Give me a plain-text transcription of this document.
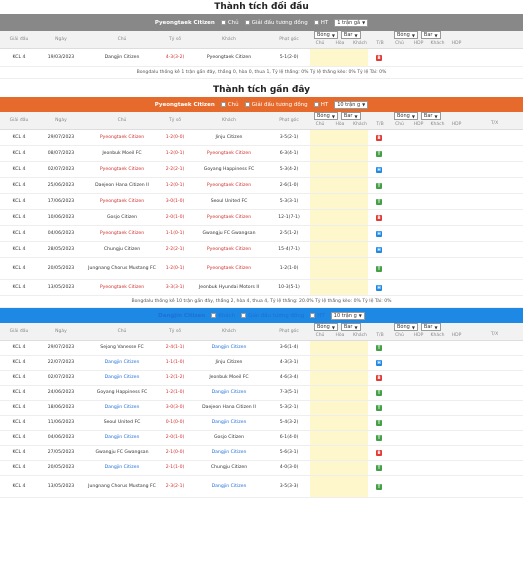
Thành tích đối đầu
Pyeongtaek Citizen Chủ Giải đấu tương đồng HT 1 trận gầ ▼
Giải đấu	Ngày	Chủ	Tỷ số	Khách	Phạt góc
Bóng ▼ Bar ▼
Chủ	Hòa	Khách	T/B
Bóng ▼ Bar ▼
Chủ	HDP	Khách	HDP
KCL 4	19/03/2023	Dangjin Citizen	4-3(3-2)	Pyeongtaek Citizen	5-1(2-0)	B
Bongdalu thống kê 1 trận gần đây, thắng 0, hòa 0, thua 1, Tỷ lệ thắng: 0% Tỷ lệ thắng kèo: 0% Tỷ lệ Tài: 0%
Thành tích gần đây
Pyeongtaek Citizen Chủ Giải đấu tương đồng HT 10 trận g ▼
Giải đấu	Ngày	Chủ	Tỷ số	Khách	Phạt góc
Bóng ▼ Bar ▼
Chủ	Hòa	Khách	T/B
Bóng ▼ Bar ▼
Chủ	HDP	Khách	HDP	T/X
KCL 4	29/07/2023	Pyeongtaek Citizen	1-2(0-0)	Jinju Citizen	3-5(2-1)	B
KCL 4	08/07/2023	Jeonbuk Moeil FC	1-2(0-1)	Pyeongtaek Citizen	6-3(4-1)	T
KCL 4	02/07/2023	Pyeongtaek Citizen	2-2(2-1)	Goyang Happiness FC	5-3(4-2)	H
KCL 4	25/06/2023	Daejeon Hana Citizen II	1-2(0-1)	Pyeongtaek Citizen	2-6(1-0)	T
KCL 4	17/06/2023	Pyeongtaek Citizen	3-0(1-0)	Seoul United FC	5-3(3-1)	T
KCL 4	10/06/2023	Gosjo Citizen	2-0(1-0)	Pyeongtaek Citizen	12-1(7-1)	B
KCL 4	04/06/2023	Pyeongtaek Citizen	1-1(0-1)	Gwangju FC Gwangsan	2-5(1-2)	H
KCL 4	28/05/2023	Chungju Citizen	2-2(2-1)	Pyeongtaek Citizen	15-4(7-1)	H
KCL 4	20/05/2023	Jungnang Chorus Mustang FC	1-2(0-1)	Pyeongtaek Citizen	1-2(1-0)	T
KCL 4	13/05/2023	Pyeongtaek Citizen	3-3(3-1)	Jeonbuk Hyundai Motors II	10-3(5-1)	H
Bongdalu thống kê 10 trận gần đây, thắng 2, hòa 4, thua 4, Tỷ lệ thắng: 20.0% Tỷ lệ thắng kèo: 0% Tỷ lệ Tài: 0%
Dangjin Citizen Khách Giải đấu tương đồng HT 10 trận g ▼
Giải đấu	Ngày	Chủ	Tỷ số	Khách	Phạt góc
Bóng ▼ Bar ▼
Chủ	Hòa	Khách	T/B
Bóng ▼ Bar ▼
Chủ	HDP	Khách	HDP	T/X
KCL 4	29/07/2023	Sejong Vanesse FC	2-4(1-1)	Dangjin Citizen	3-6(1-4)	T
KCL 4	22/07/2023	Dangjin Citizen	1-1(1-0)	Jinju Citizen	4-3(3-1)	H
KCL 4	02/07/2023	Dangjin Citizen	1-2(1-2)	Jeonbuk Moeil FC	4-6(3-4)	B
KCL 4	24/06/2023	Goyang Happiness FC	1-2(1-0)	Dangjin Citizen	7-3(5-1)	T
KCL 4	18/06/2023	Dangjin Citizen	3-0(3-0)	Daejeon Hana Citizen II	5-3(2-1)	T
KCL 4	11/06/2023	Seoul United FC	0-1(0-0)	Dangjin Citizen	5-4(3-2)	T
KCL 4	04/06/2023	Dangjin Citizen	2-0(1-0)	Gosjo Citizen	6-1(4-0)	T
KCL 4	27/05/2023	Gwangju FC Gwangsan	2-1(0-0)	Dangjin Citizen	5-6(3-1)	B
KCL 4	20/05/2023	Dangjin Citizen	2-1(1-0)	Chungju Citizen	4-0(3-0)	T
KCL 4	13/05/2023	Jungnang Chorus Mustang FC	2-3(2-1)	Dangjin Citizen	3-5(3-3)	T
